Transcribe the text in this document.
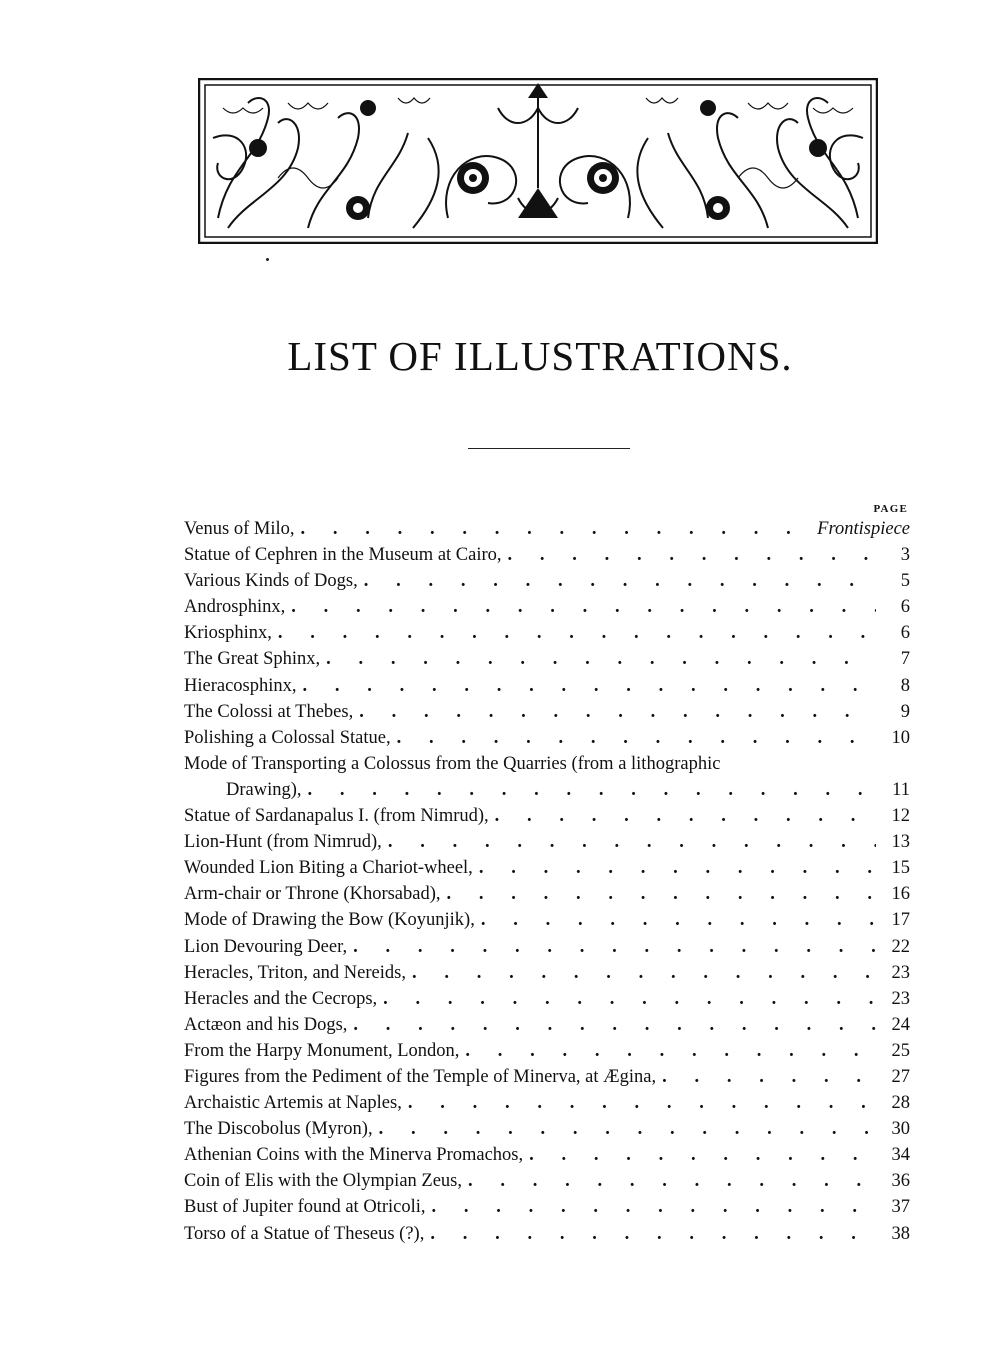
LIST OF ILLUSTRATIONS.
PAGE
Venus of Milo, .	Frontispiece
Statue of Cephren in the Museum at Cairo, .	3
Various Kinds of Dogs, .	5
Androsphinx, .	6
Kriosphinx, .	6
The Great Sphinx, .	7
Hieracosphinx, .	8
The Colossi at Thebes, .	9
Polishing a Colossal Statue, .	10
Mode of Transporting a Colossus from the Quarries (from a lithographic
Drawing), .	11
Statue of Sardanapalus I. (from Nimrud), .	12
Lion-Hunt (from Nimrud), .	13
Wounded Lion Biting a Chariot-wheel, .	15
Arm-chair or Throne (Khorsabad), .	16
Mode of Drawing the Bow (Koyunjik), .	17
Lion Devouring Deer, .	22
Heracles, Triton, and Nereids, .	23
Heracles and the Cecrops, .	23
Actæon and his Dogs, .	24
From the Harpy Monument, London, .	25
Figures from the Pediment of the Temple of Minerva, at Ægina, .	27
Archaistic Artemis at Naples, .	28
The Discobolus (Myron), .	30
Athenian Coins with the Minerva Promachos, .	34
Coin of Elis with the Olympian Zeus, .	36
Bust of Jupiter found at Otricoli, .	37
Torso of a Statue of Theseus (?), .	38
